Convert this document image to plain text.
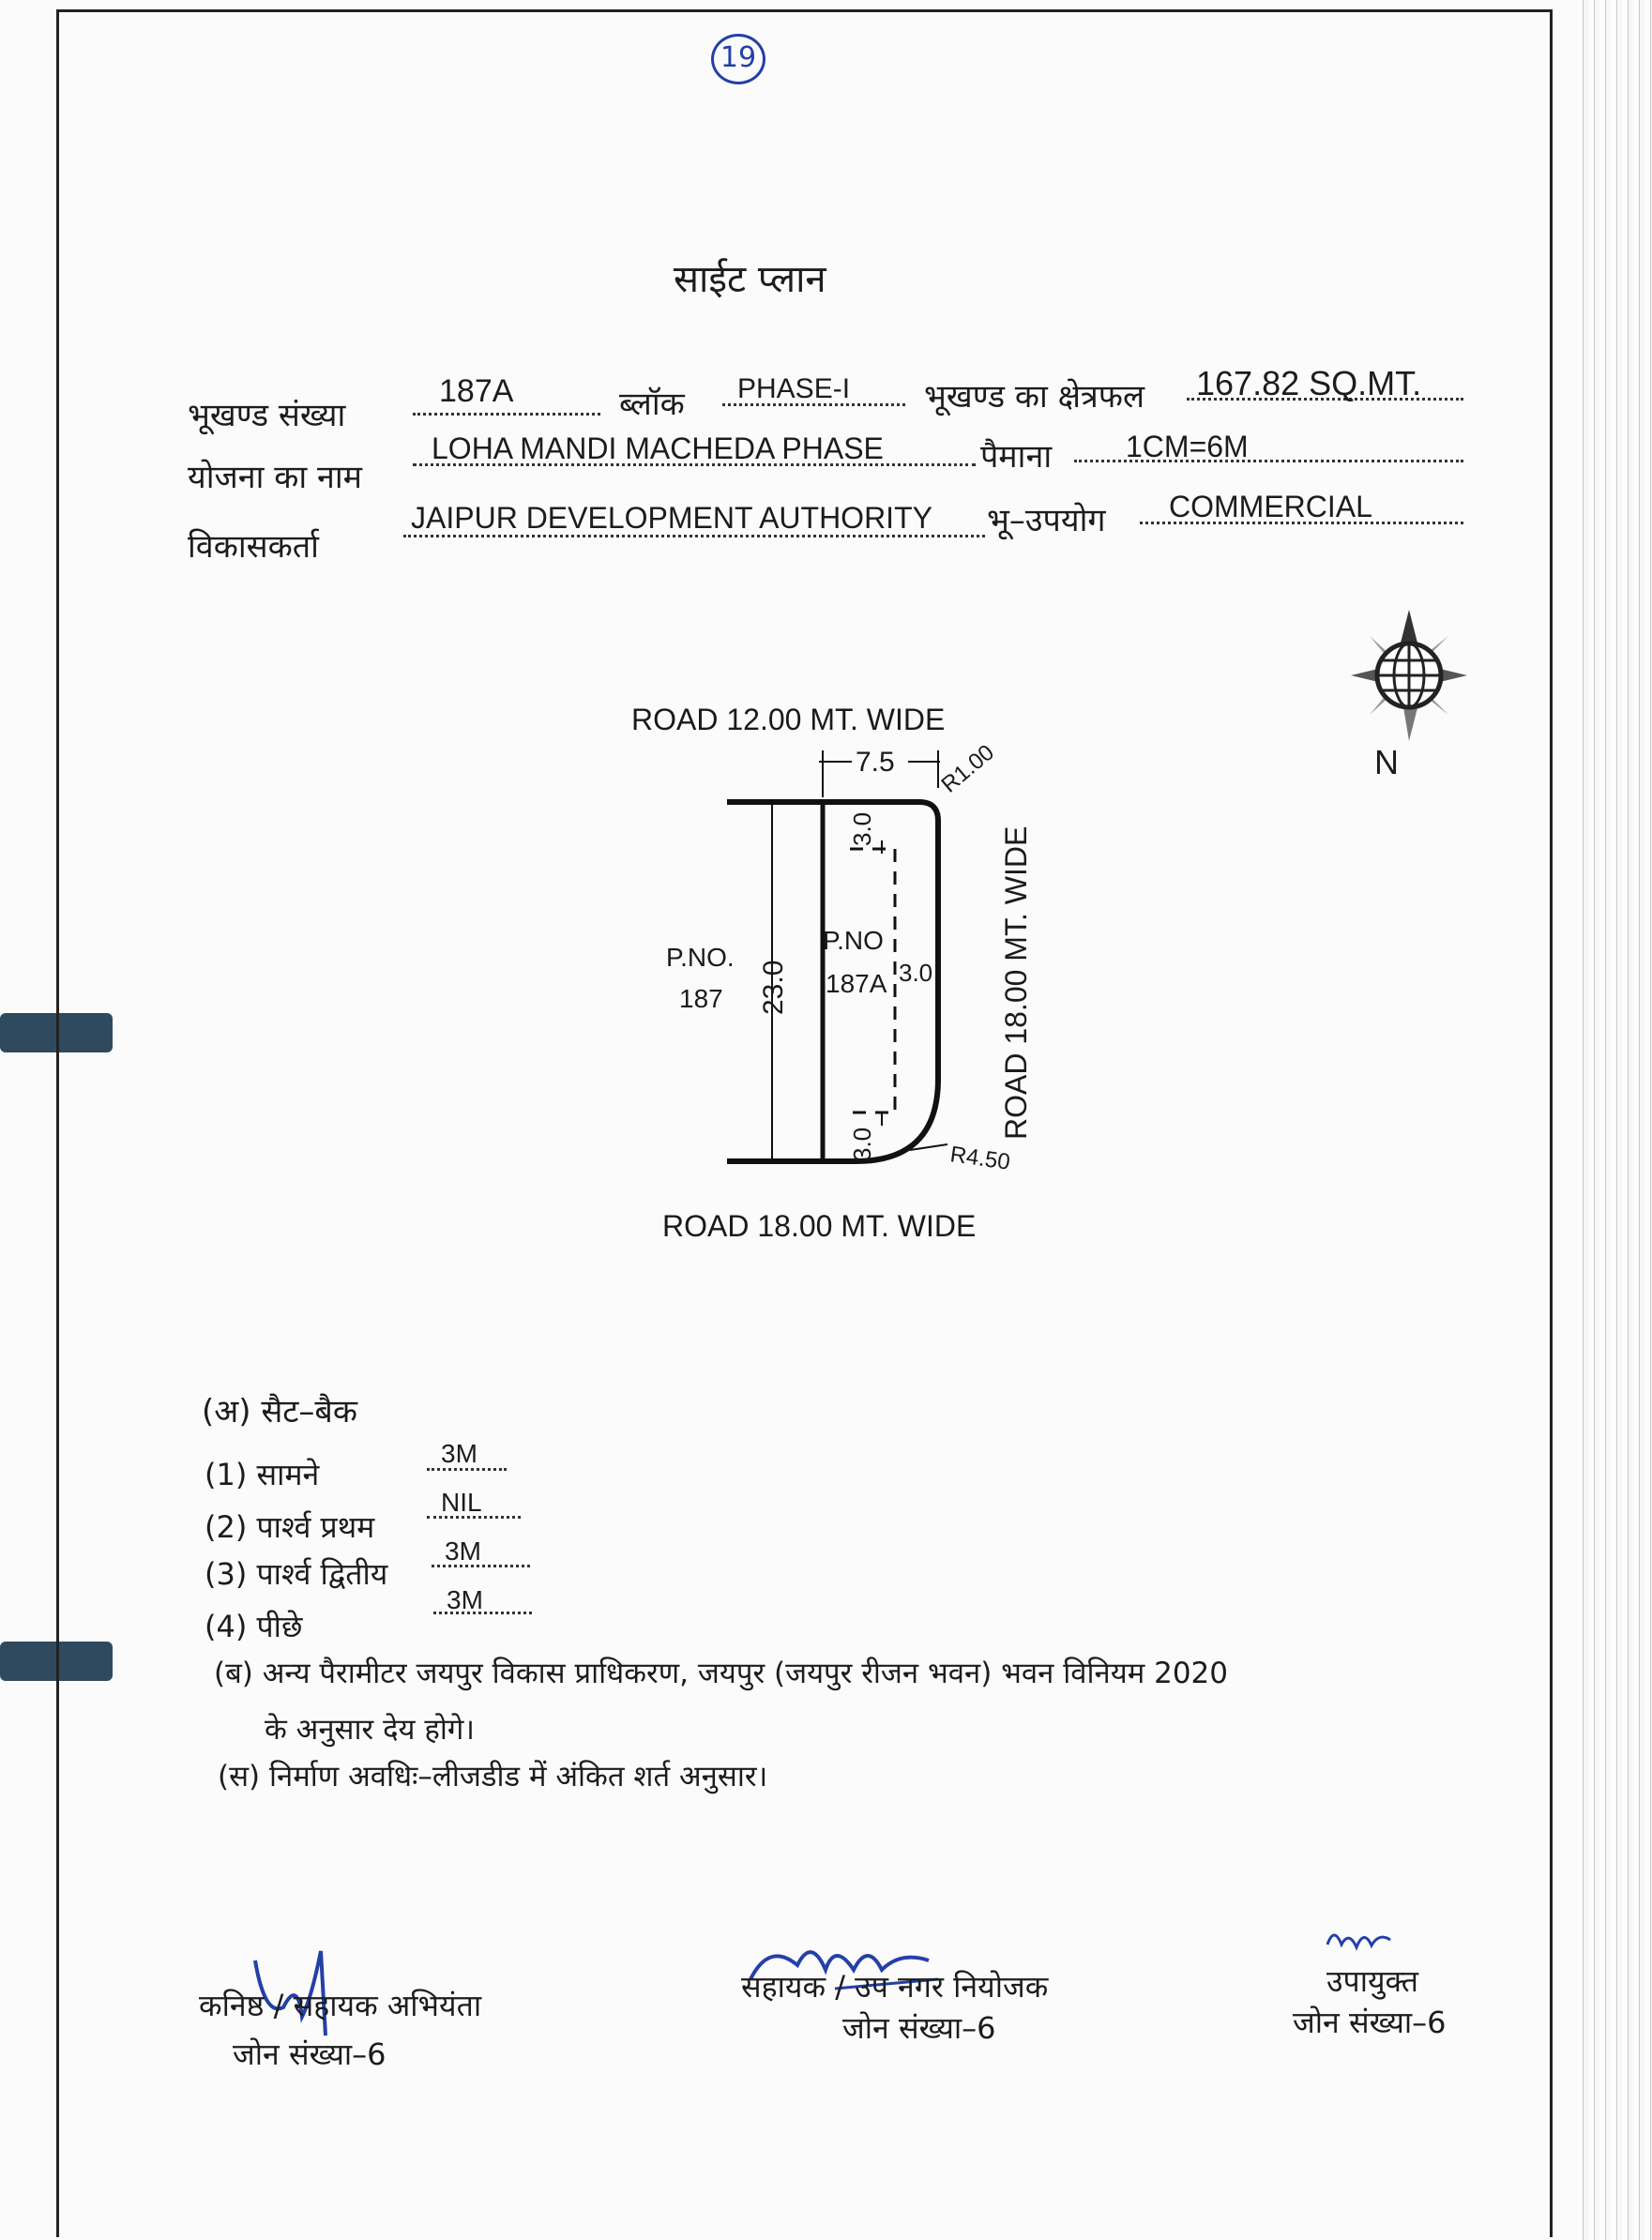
19
साईट प्लान
भूखण्ड संख्या
187A	ब्लॉक PHASE-I भूखण्ड का क्षेत्रफल 167.82 SQ.MT.
योजना का नाम
LOHA MANDI MACHEDA PHASE	पैमाना 1CM=6M
विकासकर्ता
JAIPUR DEVELOPMENT AUTHORITY भू–उपयोग COMMERCIAL
N
ROAD 12.00 MT. WIDE
ROAD 18.00 MT. WIDE
ROAD 18.00 MT. WIDE
23.0
7.5 R1.00
3.0
3.0
3.0
P.NO.
187
P.NO
187A
R4.50
(अ) सैट–बैक
(1) सामने
3M
(2) पार्श्व प्रथम
NIL
(3) पार्श्व द्वितीय
3M
(4) पीछे
3M
(ब) अन्य पैरामीटर जयपुर विकास प्राधिकरण, जयपुर (जयपुर रीजन भवन) भवन विनियम 2020
के अनुसार देय होगे।
(स) निर्माण अवधिः–लीजडीड में अंकित शर्त अनुसार।
कनिष्ठ / सहायक अभियंता
जोन संख्या–6
सहायक / उप नगर नियोजक
जोन संख्या–6
उपायुक्त
जोन संख्या–6
